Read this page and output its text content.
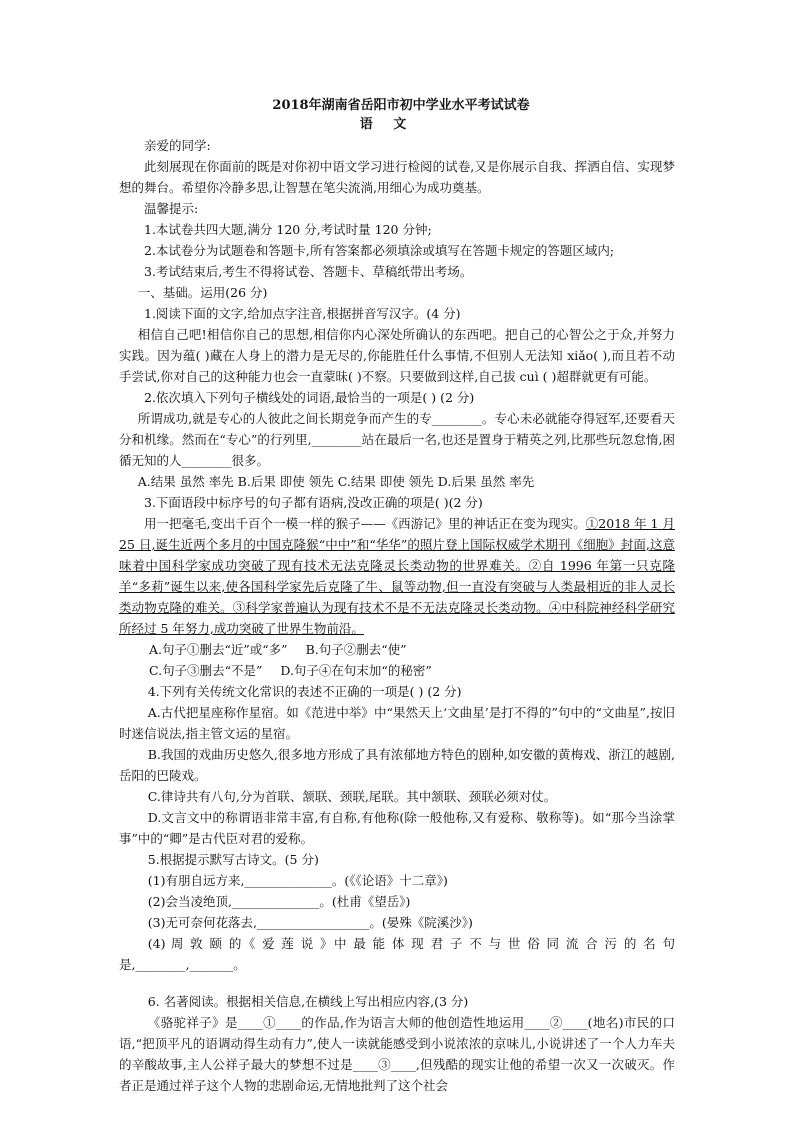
2018年湖南省岳阳市初中学业水平考试试卷

语 文

亲爱的同学:

此刻展现在你面前的既是对你初中语文学习进行检阅的试卷,又是你展示自我、挥洒自信、实现梦想的舞台。希望你冷静多思,让智慧在笔尖流淌,用细心为成功奠基。

温馨提示:

1.本试卷共四大题,满分 120 分,考试时量 120 分钟;

2.本试卷分为试题卷和答题卡,所有答案都必须填涂或填写在答题卡规定的答题区域内;

3.考试结束后,考生不得将试卷、答题卡、草稿纸带出考场。

一、基础。运用(26 分)

1.阅读下面的文字,给加点字注音,根据拼音写汉字。(4 分)

相信自己吧!相信你自己的思想,相信你内心深处所确认的东西吧。把自己的心智公之于众,并努力实践。因为蕴( )藏在人身上的潜力是无尽的,你能胜任什么事情,不但别人无法知 xiǎo( ),而且若不动手尝试,你对自己的这种能力也会一直蒙昧( )不察。只要做到这样,自己拔 cuì ( )超群就更有可能。

2.依次填入下列句子横线处的词语,最恰当的一项是( ) (2 分)

所谓成功,就是专心的人彼此之间长期竞争而产生的专________。专心未必就能夺得冠军,还要看天分和机缘。然而在“专心”的行列里,________站在最后一名,也还是置身于精英之列,比那些玩忽怠惰,困循无知的人________很多。

A.结果 虽然 率先 B.后果 即使 领先 C.结果 即使 领先 D.后果 虽然 率先

3.下面语段中标序号的句子都有语病,没改正确的项是( )(2 分)

用一把毫毛,变出千百个一模一样的猴子——《西游记》里的神话正在变为现实。①2018 年 1 月 25 日,诞生近两个多月的中国克隆猴“中中”和“华华”的照片登上国际权威学术期刊《细胞》封面,这意味着中国科学家成功突破了现有技术无法克隆灵长类动物的世界难关。②自 1996 年第一只克隆羊“多莉”诞生以来,使各国科学家先后克隆了牛、鼠等动物,但一直没有突破与人类最相近的非人灵长类动物克隆的难关。③科学家普遍认为现有技术不是不无法克隆灵长类动物。④中科院神经科学研究所经过 5 年努力,成功突破了世界生物前沿。

A.句子①删去“近”或“多” B.句子②删去“使”

C.句子③删去“不是” D.句子④在句末加“的秘密”

4.下列有关传统文化常识的表述不正确的一项是( ) (2 分)

A.古代把星座称作星宿。如《范进中举》中“果然天上‘文曲星’是打不得的”句中的“文曲星”,按旧时迷信说法,指主管文运的星宿。

B.我国的戏曲历史悠久,很多地方形成了具有浓郁地方特色的剧种,如安徽的黄梅戏、浙江的越剧,岳阳的巴陵戏。

C.律诗共有八句,分为首联、颔联、颈联,尾联。其中颔联、颈联必须对仗。

D.文言文中的称谓语非常丰富,有自称,有他称(除一般他称,又有爱称、敬称等)。如“那今当涂掌事”中的“卿”是古代臣对君的爱称。

5.根据提示默写古诗文。(5 分)

(1)有朋自远方来,______________。(《《论语》十二章》)

(2)会当凌绝顶,______________。(杜甫《望岳》)

(3)无可奈何花落去,__________________。(晏殊《院溪沙》)

(4) 周 敦 颐 的《 爱 莲 说 》中 最 能 体 现 君 子 不 与 世 俗 同 流 合 污 的 名 句

是,________,_______。

6. 名著阅读。根据相关信息,在横线上写出相应内容,(3 分)

《骆驼祥子》是____①____的作品,作为语言大师的他创造性地运用____②____(地名)市民的口语,“把顶平凡的语调动得生动有力”,使人一读就能感受到小说浓浓的京味儿,小说讲述了一个人力车夫的辛酸故事,主人公祥子最大的梦想不过是____③____,但残酷的现实让他的希望一次又一次破灭。作者正是通过祥子这个人物的悲剧命运,无情地批判了这个社会
